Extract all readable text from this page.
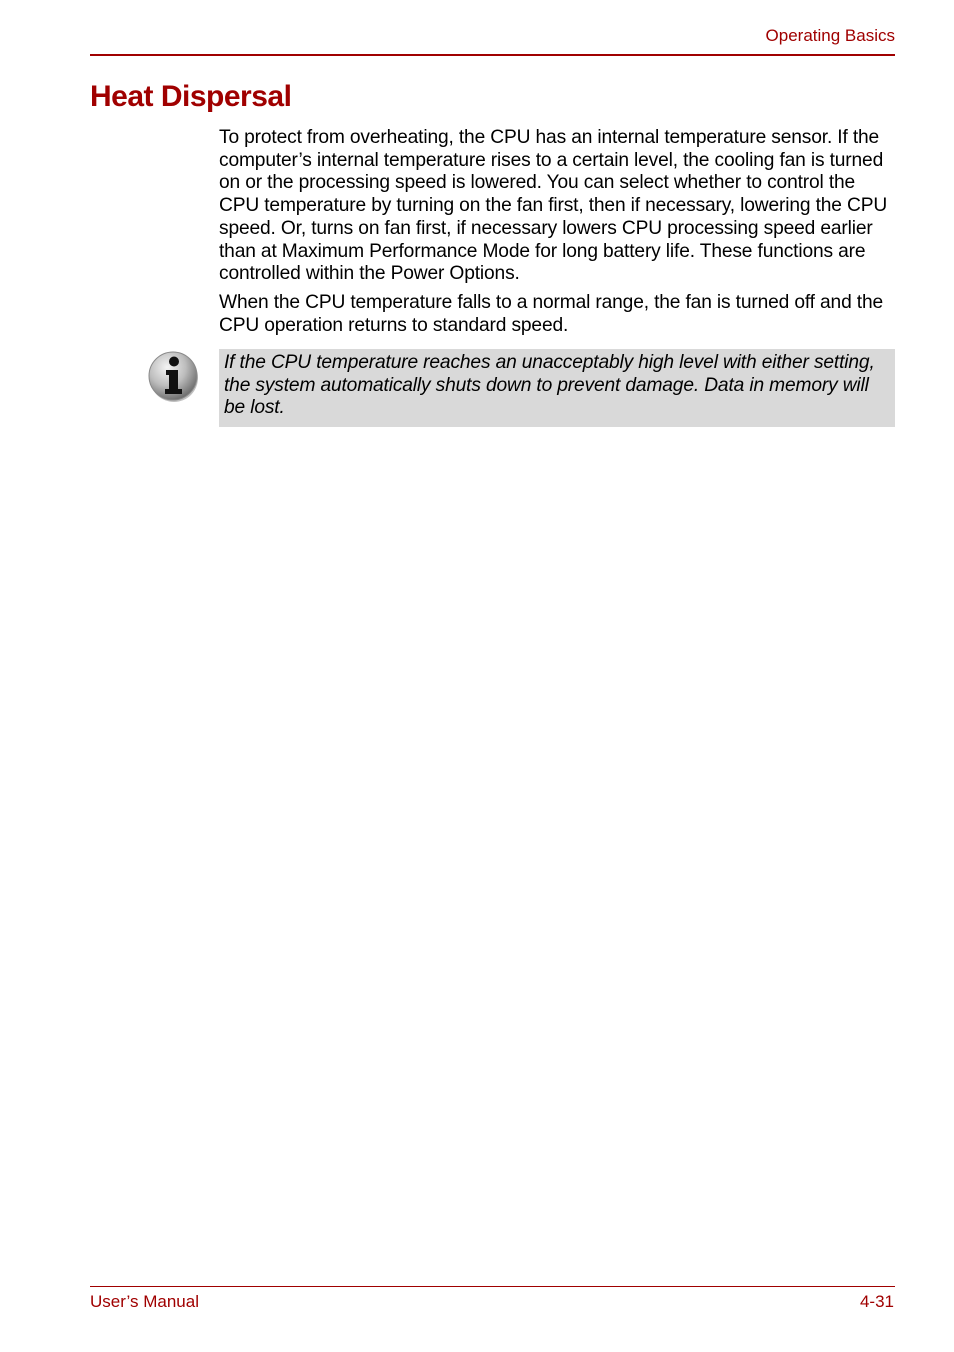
Operating Basics
Heat Dispersal

To protect from overheating, the CPU has an internal temperature sensor. If the computer’s internal temperature rises to a certain level, the cooling fan is turned on or the processing speed is lowered. You can select whether to control the CPU temperature by turning on the fan first, then if necessary, lowering the CPU speed. Or, turns on fan first, if necessary lowers CPU processing speed earlier than at Maximum Performance Mode for long battery life. These functions are controlled within the Power Options.

When the CPU temperature falls to a normal range, the fan is turned off and the CPU operation returns to standard speed.

If the CPU temperature reaches an unacceptably high level with either setting, the system automatically shuts down to prevent damage. Data in memory will be lost.

User’s Manual	4-31
